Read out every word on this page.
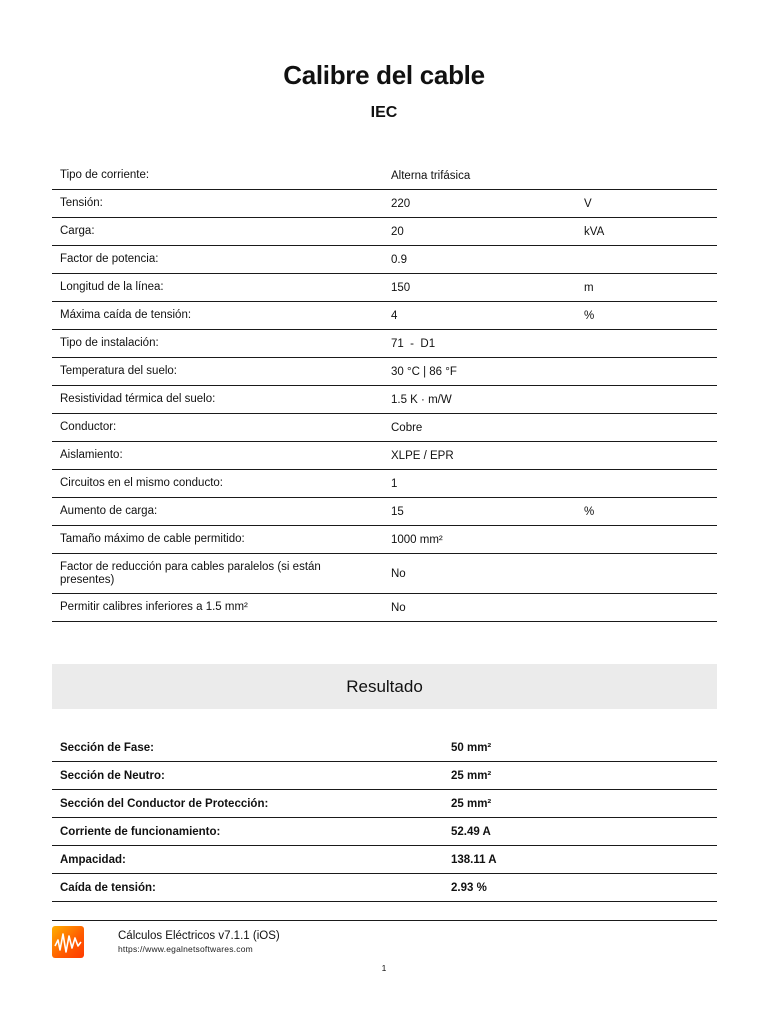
Calibre del cable
IEC
Tipo de corriente:	Alterna trifásica
Tensión:	220	V
Carga:	20	kVA
Factor de potencia:	0.9
Longitud de la línea:	150	m
Máxima caída de tensión:	4	%
Tipo de instalación:	71  -  D1
Temperatura del suelo:	30 °C | 86 °F
Resistividad térmica del suelo:	1.5 K · m/W
Conductor:	Cobre
Aislamiento:	XLPE / EPR
Circuitos en el mismo conducto:	1
Aumento de carga:	15	%
Tamaño máximo de cable permitido:	1000 mm²
Factor de reducción para cables paralelos (si están presentes)	No
Permitir calibres inferiores a 1.5 mm²	No
Resultado
Sección de Fase:	50 mm²
Sección de Neutro:	25 mm²
Sección del Conductor de Protección:	25 mm²
Corriente de funcionamiento:	52.49 A
Ampacidad:	138.11 A
Caída de tensión:	2.93 %
Cálculos Eléctricos v7.1.1 (iOS)
https://www.egalnetsoftwares.com
1
